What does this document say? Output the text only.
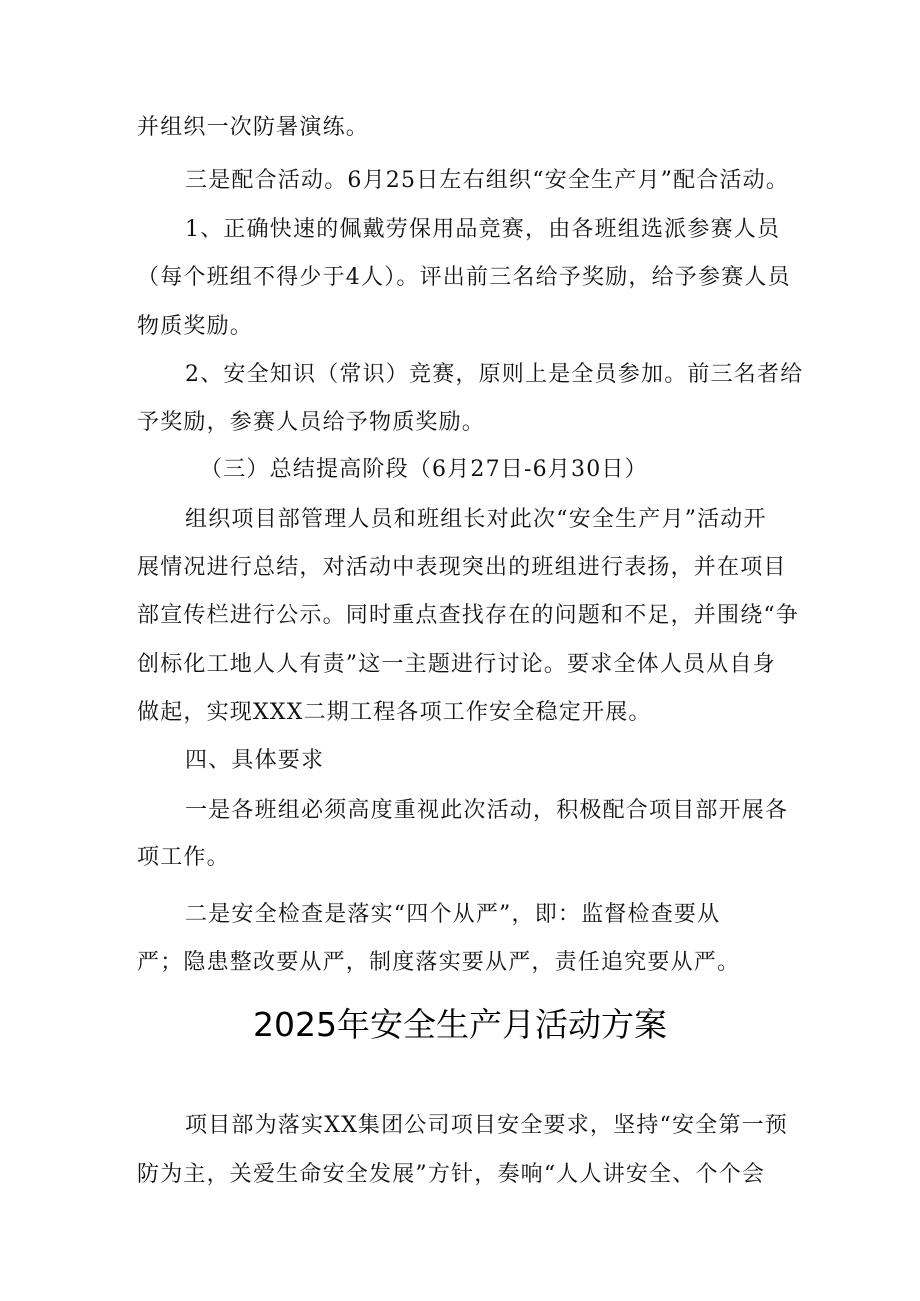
并组织一次防暑演练。
三是配合活动。6月25日左右组织“安全生产月”配合活动。
1、正确快速的佩戴劳保用品竞赛，由各班组选派参赛人员
（每个班组不得少于4人）。评出前三名给予奖励，给予参赛人员
物质奖励。
2、安全知识（常识）竞赛，原则上是全员参加。前三名者给
予奖励，参赛人员给予物质奖励。
（三）总结提高阶段（6月27日-6月30日）
组织项目部管理人员和班组长对此次“安全生产月”活动开
展情况进行总结，对活动中表现突出的班组进行表扬，并在项目
部宣传栏进行公示。同时重点查找存在的问题和不足，并围绕“争
创标化工地人人有责”这一主题进行讨论。要求全体人员从自身
做起，实现XXX二期工程各项工作安全稳定开展。
四、具体要求
一是各班组必须高度重视此次活动，积极配合项目部开展各
项工作。
二是安全检查是落实“四个从严”，即：监督检查要从
严；隐患整改要从严，制度落实要从严，责任追究要从严。
2025年安全生产月活动方案
项目部为落实XX集团公司项目安全要求，坚持“安全第一预
防为主，关爱生命安全发展”方针，奏响“人人讲安全、个个会
